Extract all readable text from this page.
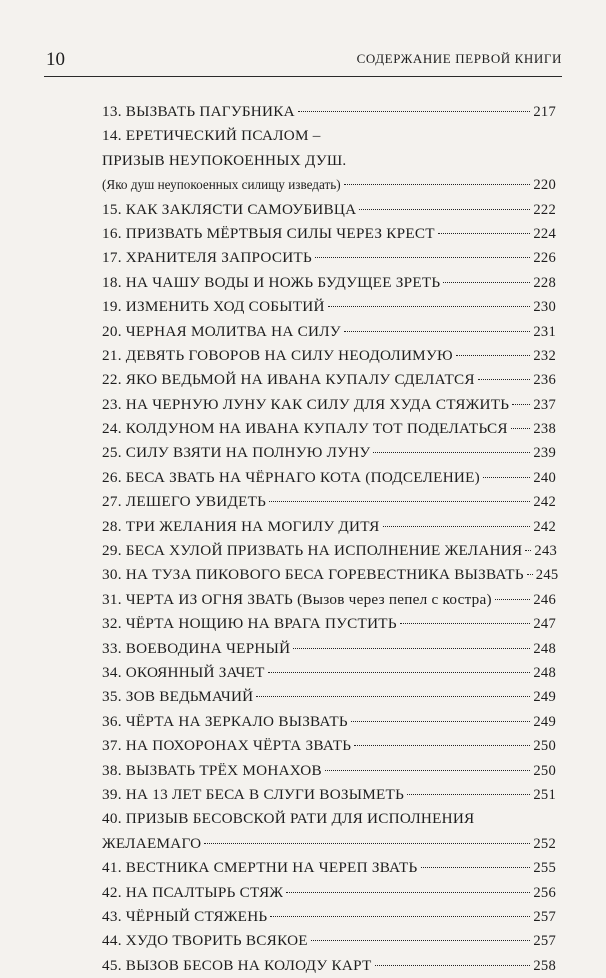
10	СОДЕРЖАНИЕ ПЕРВОЙ КНИГИ
13. ВЫЗВАТЬ ПАГУБНИКА	217
14. ЕРЕТИЧЕСКИЙ ПСАЛОМ –
ПРИЗЫВ НЕУПОКОЕННЫХ ДУШ.
(Яко душ неупокоенных силищу изведать)	220
15. КАК ЗАКЛЯСТИ САМОУБИВЦА	222
16. ПРИЗВАТЬ МЁРТВЫЯ СИЛЫ ЧЕРЕЗ КРЕСТ	224
17. ХРАНИТЕЛЯ ЗАПРОСИТЬ	226
18. НА ЧАШУ ВОДЫ И НОЖЬ БУДУЩЕЕ ЗРЕТЬ	228
19. ИЗМЕНИТЬ ХОД СОБЫТИЙ	230
20. ЧЕРНАЯ МОЛИТВА НА СИЛУ	231
21. ДЕВЯТЬ ГОВОРОВ НА СИЛУ НЕОДОЛИМУЮ	232
22. ЯКО ВЕДЬМОЙ НА ИВАНА КУПАЛУ СДЕЛАТСЯ	236
23. НА ЧЕРНУЮ ЛУНУ КАК СИЛУ ДЛЯ ХУДА СТЯЖИТЬ 237
24. КОЛДУНОМ НА ИВАНА КУПАЛУ ТОТ ПОДЕЛАТЬСЯ 238
25. СИЛУ ВЗЯТИ НА ПОЛНУЮ ЛУНУ	239
26. БЕСА ЗВАТЬ НА ЧЁРНАГО КОТА (ПОДСЕЛЕНИЕ)	240
27. ЛЕШЕГО УВИДЕТЬ	242
28. ТРИ ЖЕЛАНИЯ НА МОГИЛУ ДИТЯ	242
29. БЕСА ХУЛОЙ ПРИЗВАТЬ НА ИСПОЛНЕНИЕ ЖЕЛАНИЯ 243
30. НА ТУЗА ПИКОВОГО БЕСА ГОРЕВЕСТНИКА ВЫЗВАТЬ 245
31. ЧЕРТА ИЗ ОГНЯ ЗВАТЬ (Вызов через пепел с костра)	246
32. ЧЁРТА НОЩИЮ НА ВРАГА ПУСТИТЬ	247
33. ВОЕВОДИНА ЧЕРНЫЙ	248
34. ОКОЯННЫЙ ЗАЧЕТ	248
35. ЗОВ ВЕДЬМАЧИЙ	249
36. ЧЁРТА НА ЗЕРКАЛО ВЫЗВАТЬ	249
37. НА ПОХОРОНАХ ЧЁРТА ЗВАТЬ	250
38. ВЫЗВАТЬ ТРЁХ МОНАХОВ	250
39. НА 13 ЛЕТ БЕСА В СЛУГИ ВОЗЫМЕТЬ	251
40. ПРИЗЫВ БЕСОВСКОЙ РАТИ ДЛЯ ИСПОЛНЕНИЯ
ЖЕЛАЕМАГО	252
41. ВЕСТНИКА СМЕРТНИ НА ЧЕРЕП ЗВАТЬ	255
42. НА ПСАЛТЫРЬ СТЯЖ	256
43. ЧЁРНЫЙ СТЯЖЕНЬ	257
44. ХУДО ТВОРИТЬ ВСЯКОЕ	257
45. ВЫЗОВ БЕСОВ НА КОЛОДУ КАРТ	258
